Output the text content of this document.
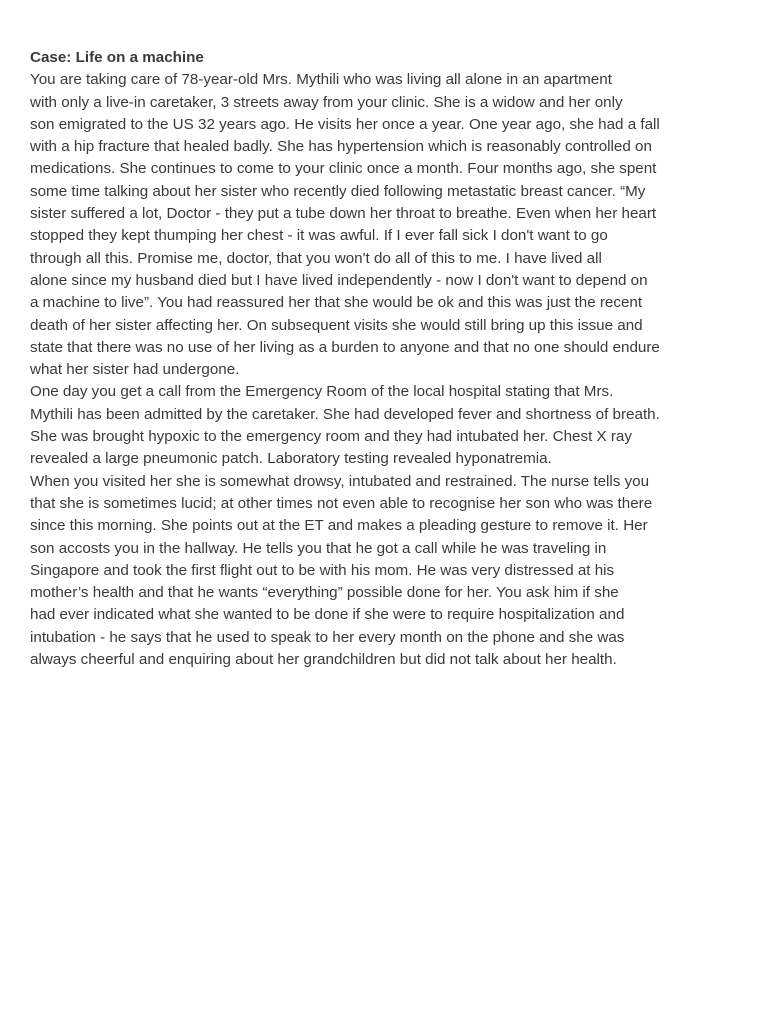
Case: Life on a machine
You are taking care of 78-year-old Mrs. Mythili who was living all alone in an apartment
with only a live-in caretaker, 3 streets away from your clinic. She is a widow and her only
son emigrated to the US 32 years ago. He visits her once a year. One year ago, she had a fall
with a hip fracture that healed badly. She has hypertension which is reasonably controlled on
medications. She continues to come to your clinic once a month. Four months ago, she spent
some time talking about her sister who recently died following metastatic breast cancer. “My
sister suffered a lot, Doctor - they put a tube down her throat to breathe. Even when her heart
stopped they kept thumping her chest - it was awful. If I ever fall sick I don't want to go
through all this. Promise me, doctor, that you won't do all of this to me. I have lived all
alone since my husband died but I have lived independently - now I don't want to depend on
a machine to live”. You had reassured her that she would be ok and this was just the recent
death of her sister affecting her. On subsequent visits she would still bring up this issue and
state that there was no use of her living as a burden to anyone and that no one should endure
what her sister had undergone.
One day you get a call from the Emergency Room of the local hospital stating that Mrs.
Mythili has been admitted by the caretaker. She had developed fever and shortness of breath.
She was brought hypoxic to the emergency room and they had intubated her. Chest X ray
revealed a large pneumonic patch. Laboratory testing revealed hyponatremia.
When you visited her she is somewhat drowsy, intubated and restrained. The nurse tells you
that she is sometimes lucid; at other times not even able to recognise her son who was there
since this morning. She points out at the ET and makes a pleading gesture to remove it. Her
son accosts you in the hallway. He tells you that he got a call while he was traveling in
Singapore and took the first flight out to be with his mom. He was very distressed at his
mother’s health and that he wants “everything” possible done for her. You ask him if she
had ever indicated what she wanted to be done if she were to require hospitalization and
intubation - he says that he used to speak to her every month on the phone and she was
always cheerful and enquiring about her grandchildren but did not talk about her health.
